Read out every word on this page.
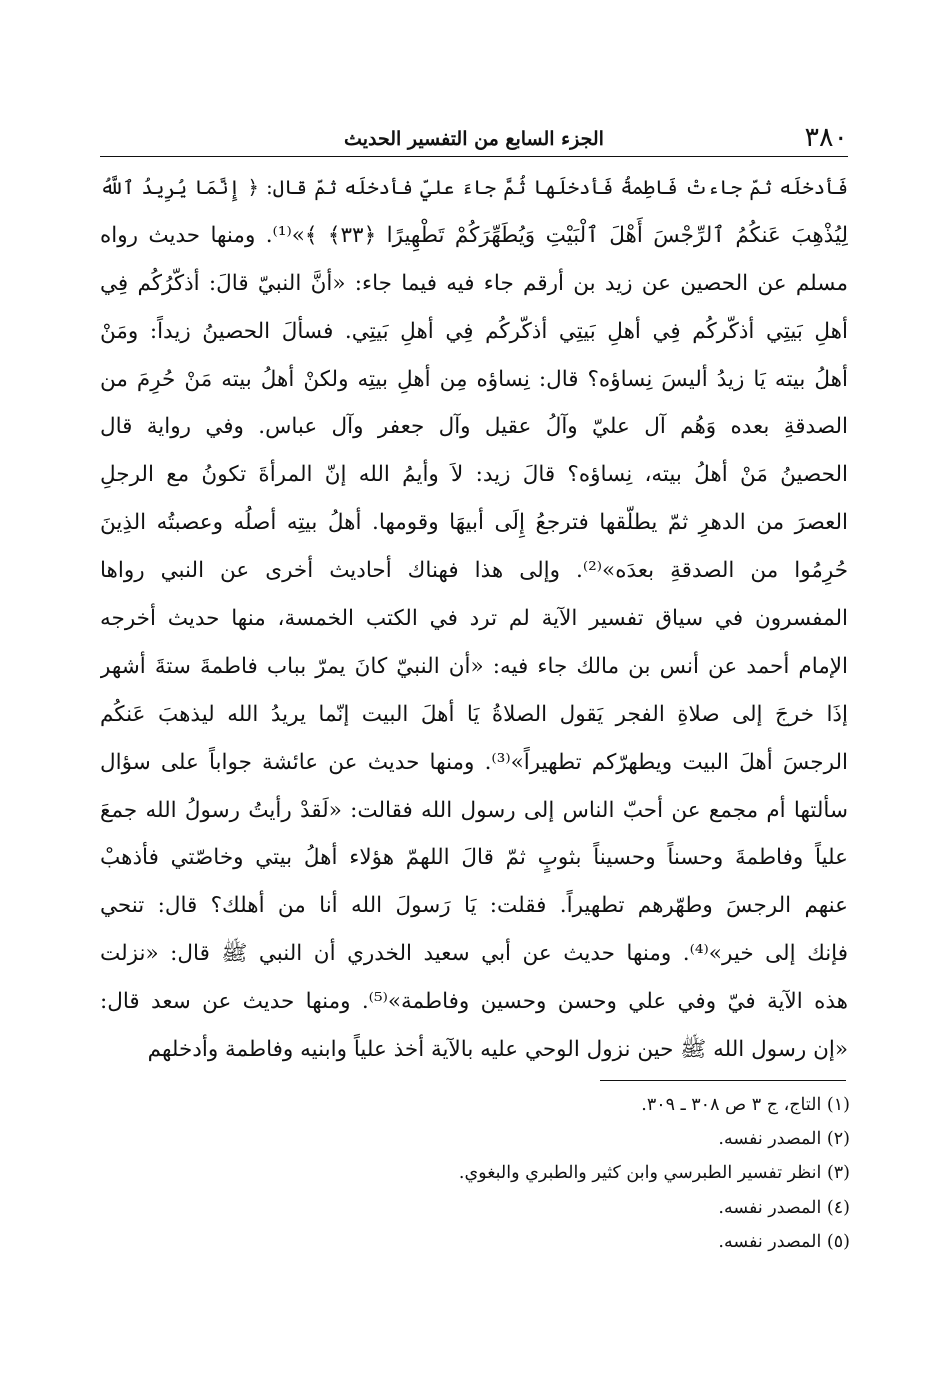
٣٨٠
الجزء السابع من التفسير الحديث
فَأدخلَه ثمّ جاءتْ فَاطِمةُ فَأدخلَها ثُمَّ جاءَ عليّ فأدخلَه ثمّ قال: ﴿ إِنَّمَا يُرِيدُ ٱللَّهُ
لِيُذْهِبَ عَنكُمُ ٱلرِّجْسَ أَهْلَ ٱلْبَيْتِ وَيُطَهِّرَكُمْ تَطْهِيرًا ﴿٣٣﴾ ﴾»⁽¹⁾. ومنها حديث رواه
مسلم عن الحصين عن زيد بن أرقم جاء فيه فيما جاء: «أنَّ النبيّ قالَ: أذكّرُكُم فِي
أهلِ بَيتِي أذكّركُم فِي أهلِ بَيتِي أذكّركُم فِي أهلِ بَيتِي. فسألَ الحصينُ زيداً: ومَنْ
أهلُ بيته يَا زيدُ أليسَ نِساؤه؟ قال: نِساؤه مِن أهلِ بيتِه ولكنْ أهلُ بيته مَنْ حُرِمَ من
الصدقةِ بعده وَهُم آل عليّ وآلُ عقيل وآل جعفر وآل عباس. وفي رواية قال
الحصينُ مَنْ أهلُ بيته، نِساؤه؟ قالَ زيد: لاَ وأيمُ الله إنّ المرأةَ تكونُ مع الرجلِ
العصرَ من الدهرِ ثمّ يطلّقها فترجعُ إِلَى أبيهَا وقومها. أهلُ بيتِه أصلُه وعصبتُه الذِينَ
حُرِمُوا من الصدقةِ بعدَه»⁽²⁾. وإلى هذا فهناك أحاديث أخرى عن النبي رواها
المفسرون في سياق تفسير الآية لم ترد في الكتب الخمسة، منها حديث أخرجه
الإمام أحمد عن أنس بن مالك جاء فيه: «أن النبيّ كانَ يمرّ بباب فاطمةَ ستةَ أشهر
إذَا خرجَ إلى صلاةِ الفجر يَقول الصلاةُ يَا أهلَ البيت إنّما يريدُ الله ليذهبَ عَنكُم
الرجسَ أهلَ البيت ويطهرّكم تطهيراً»⁽³⁾. ومنها حديث عن عائشة جواباً على سؤال
سألتها أم مجمع عن أحبّ الناس إلى رسول الله فقالت: «لَقدْ رأيتُ رسولُ الله جمعَ
علياً وفاطمةَ وحسناً وحسيناً بثوبٍ ثمّ قالَ اللهمّ هؤلاء أهلُ بيتي وخاصّتي فأذهبْ
عنهم الرجسَ وطهّرهم تطهيراً. فقلت: يَا رَسولَ الله أنا من أهلك؟ قال: تنحي
فإنك إلى خير»⁽⁴⁾. ومنها حديث عن أبي سعيد الخدري أن النبي ﷺ قال: «نزلت
هذه الآية فيّ وفي علي وحسن وحسين وفاطمة»⁽⁵⁾. ومنها حديث عن سعد قال:
«إن رسول الله ﷺ حين نزول الوحي عليه بالآية أخذ علياً وابنيه وفاطمة وأدخلهم
(١) التاج، ج ٣ ص ٣٠٨ ـ ٣٠٩.
(٢) المصدر نفسه.
(٣) انظر تفسير الطبرسي وابن كثير والطبري والبغوي.
(٤) المصدر نفسه.
(٥) المصدر نفسه.
